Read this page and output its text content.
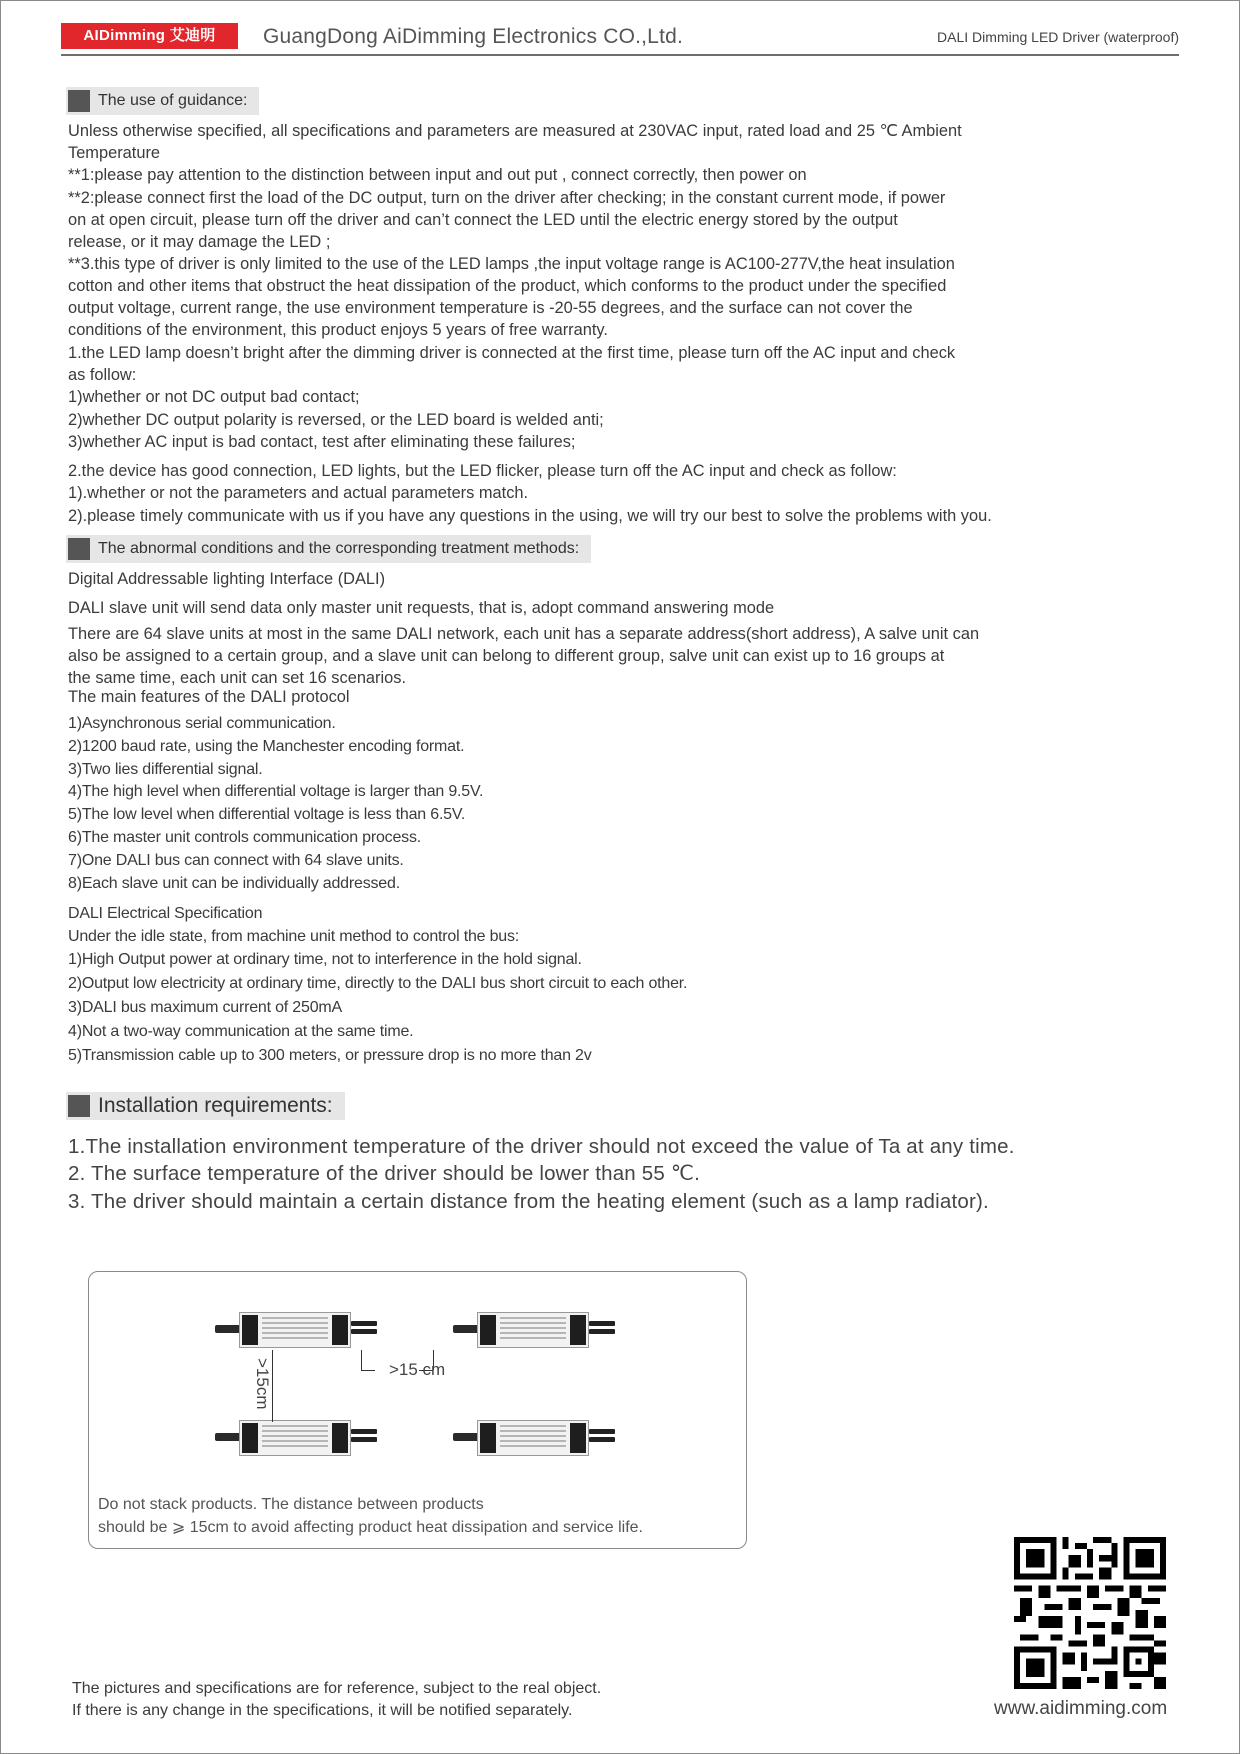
AIDimming 艾迪明	GuangDong AiDimming Electronics CO.,Ltd.	DALI Dimming LED Driver (waterproof)
The use of guidance:
Unless otherwise specified, all specifications and parameters are measured at 230VAC input, rated load and 25 ℃ Ambient
Temperature
**1:please pay attention to the distinction between input and out put , connect correctly, then power on
**2:please connect first the load of the DC output, turn on the driver after checking; in the constant current mode, if power
on at open circuit, please turn off the driver and can’t connect the LED until the electric energy stored by the output
release, or it may damage the LED ;
**3.this type of driver is only limited to the use of the LED lamps ,the input voltage range is AC100-277V,the heat insulation
cotton and other items that obstruct the heat dissipation of the product, which conforms to the product under the specified
output voltage, current range, the use environment temperature is -20-55 degrees, and the surface can not cover the
conditions of the environment, this product enjoys 5 years of free warranty.
1.the LED lamp doesn’t bright after the dimming driver is connected at the first time, please turn off the AC input and check
as follow:
1)whether or not DC output bad contact;
2)whether DC output polarity is reversed, or the LED board is welded anti;
3)whether AC input is bad contact, test after eliminating these failures;
2.the device has good connection, LED lights, but the LED flicker, please turn off the AC input and check as follow:
1).whether or not the parameters and actual parameters match.
2).please timely communicate with us if you have any questions in the using, we will try our best to solve the problems with you.
The abnormal conditions and the corresponding treatment methods:
Digital Addressable lighting Interface (DALI)
DALI slave unit will send data only master unit requests, that is, adopt command answering mode
There are 64 slave units at most in the same DALI network, each unit has a separate address(short address), A salve unit can
also be assigned to a certain group, and a slave unit can belong to different group, salve unit can exist up to 16 groups at
the same time, each unit can set 16 scenarios.
The main features of the DALI protocol
1)Asynchronous serial communication.
2)1200 baud rate, using the Manchester encoding format.
3)Two lies differential signal.
4)The high level when differential voltage is larger than 9.5V.
5)The low level when differential voltage is less than 6.5V.
6)The master unit controls communication process.
7)One DALI bus can connect with 64 slave units.
8)Each slave unit can be individually addressed.
DALI Electrical Specification
Under the idle state, from machine unit method to control the bus:
1)High Output power at ordinary time, not to interference in the hold signal.
2)Output low electricity at ordinary time, directly to the DALI bus short circuit to each other.
3)DALI bus maximum current of 250mA
4)Not a two-way communication at the same time.
5)Transmission cable up to 300 meters, or pressure drop is no more than 2v
Installation requirements:
1.The installation environment temperature of the driver should not exceed the value of Ta at any time.
2. The surface temperature of the driver should be lower than 55 ℃.
3. The driver should maintain a certain distance from the heating element (such as a lamp radiator).
>15 cm
>15cm
Do not stack products. The distance between products
should be ⩾ 15cm to avoid affecting product heat dissipation and service life.
The pictures and specifications are for reference, subject to the real object.
If there is any change in the specifications, it will be notified separately.	www.aidimming.com
